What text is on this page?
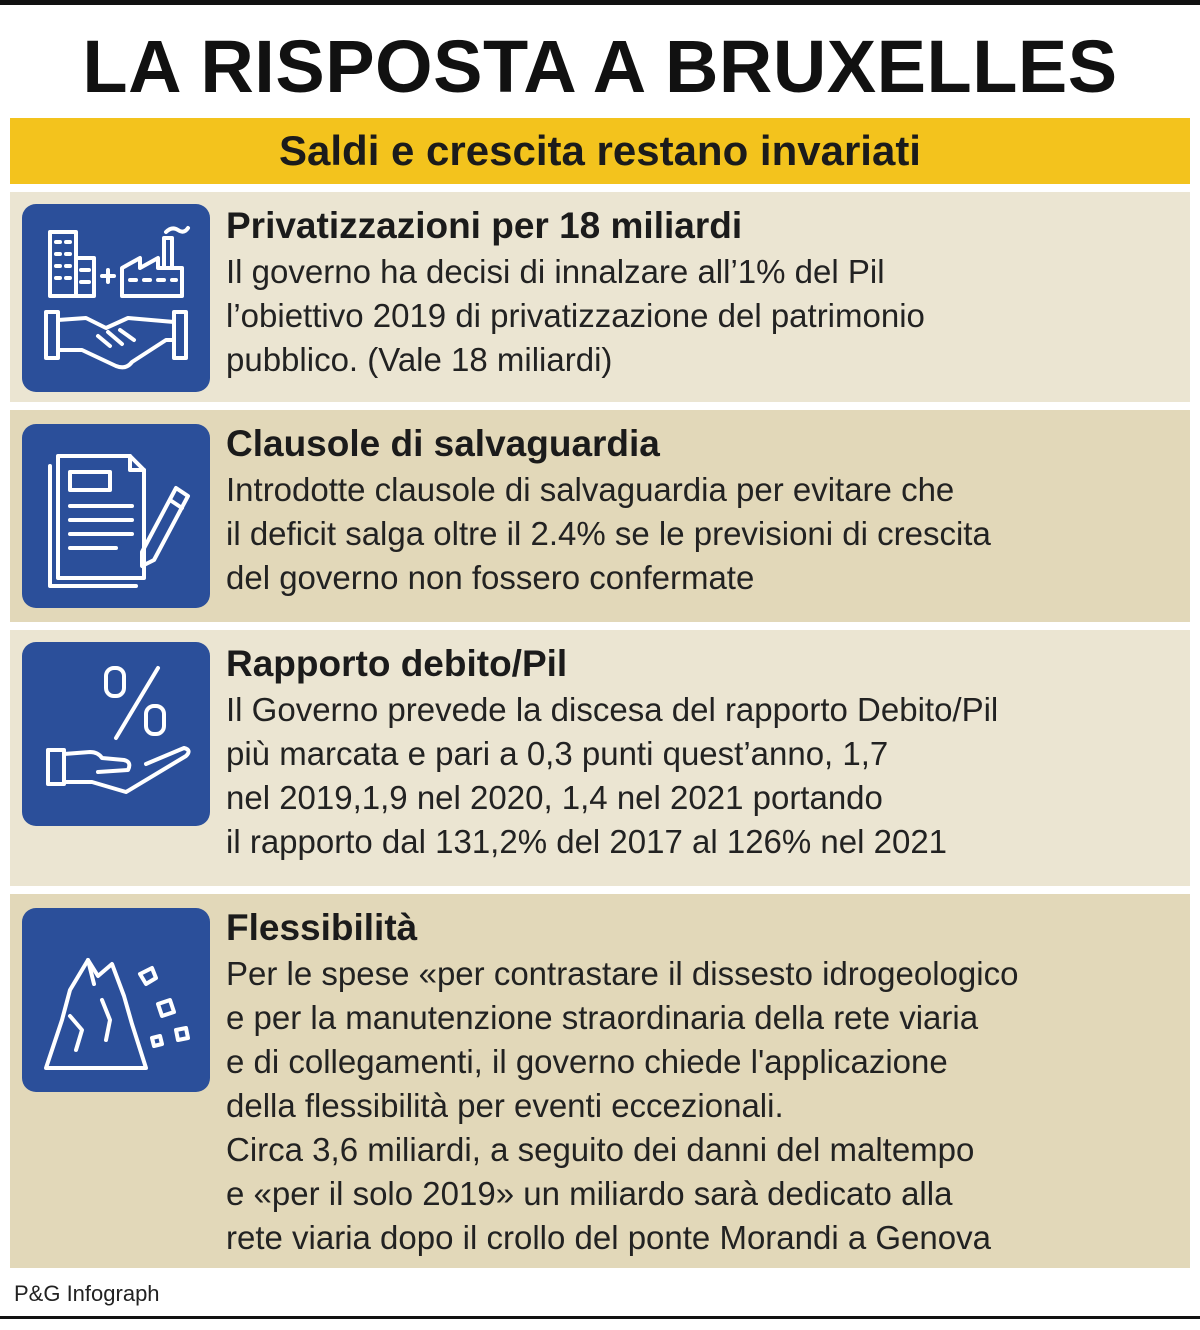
LA RISPOSTA A BRUXELLES
Saldi e crescita restano invariati
Privatizzazioni per 18 miliardi
Il governo ha decisi di innalzare all’1% del Pil
l’obiettivo 2019 di privatizzazione del patrimonio
pubblico. (Vale 18 miliardi)
Clausole di salvaguardia
Introdotte clausole di salvaguardia per evitare che
il deficit salga oltre il 2.4% se le previsioni di crescita
del governo non fossero confermate
Rapporto debito/Pil
Il Governo prevede la discesa del rapporto Debito/Pil
più marcata e pari a 0,3 punti quest’anno, 1,7
nel 2019,1,9 nel 2020, 1,4 nel 2021 portando
il rapporto dal 131,2% del 2017 al 126% nel 2021
Flessibilità
Per le spese «per contrastare il dissesto idrogeologico
e per la manutenzione straordinaria della rete viaria
e di collegamenti, il governo chiede l'applicazione
della flessibilità per eventi eccezionali.
Circa 3,6 miliardi, a seguito dei danni del maltempo
e «per il solo 2019» un miliardo sarà dedicato alla
rete viaria dopo il crollo del ponte Morandi a Genova
P&G Infograph
